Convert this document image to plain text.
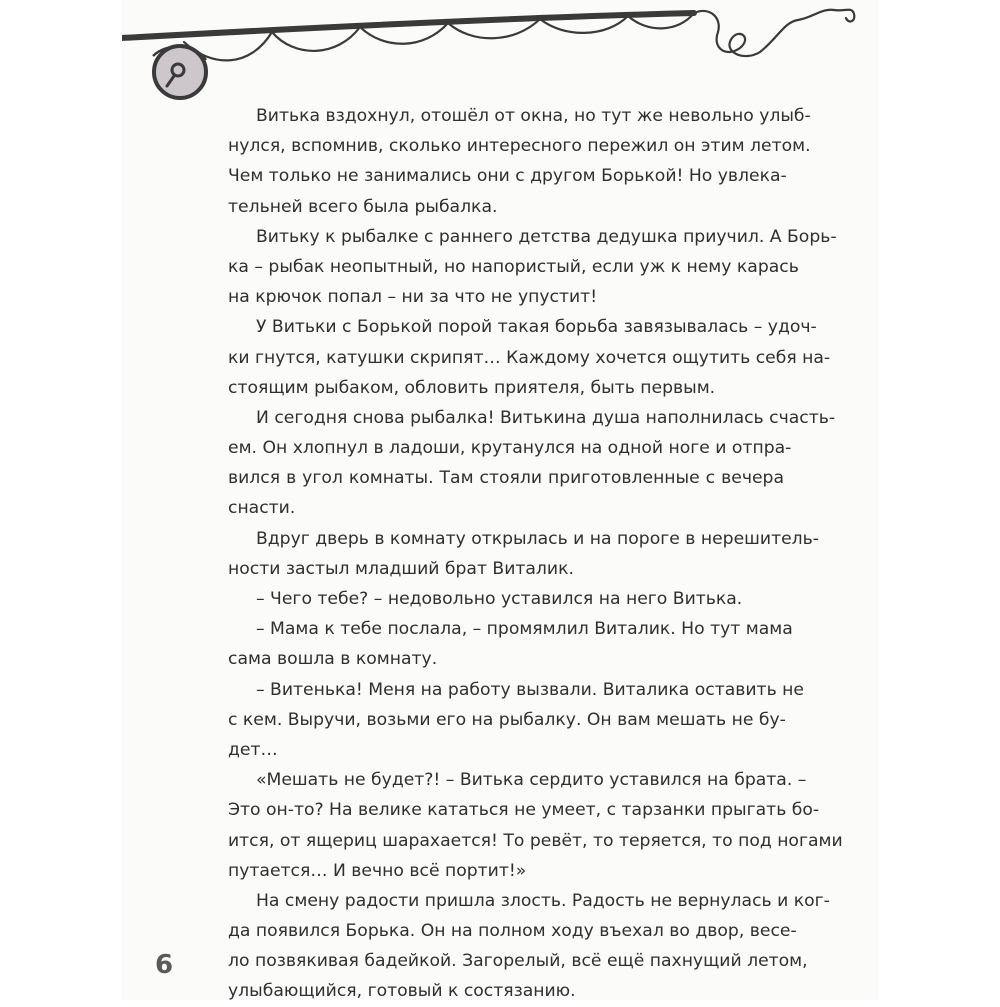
Витька вздохнул, отошёл от окна, но тут же невольно улыб-
нулся, вспомнив, сколько интересного пережил он этим летом.
Чем только не занимались они с другом Борькой! Но увлека-
тельней всего была рыбалка.
Витьку к рыбалке с раннего детства дедушка приучил. А Борь-
ка – рыбак неопытный, но напористый, если уж к нему карась
на крючок попал – ни за что не упустит!
У Витьки с Борькой порой такая борьба завязывалась – удоч-
ки гнутся, катушки скрипят… Каждому хочется ощутить себя на-
стоящим рыбаком, обловить приятеля, быть первым.
И сегодня снова рыбалка! Витькина душа наполнилась счасть-
ем. Он хлопнул в ладоши, крутанулся на одной ноге и отпра-
вился в угол комнаты. Там стояли приготовленные с вечера
снасти.
Вдруг дверь в комнату открылась и на пороге в нерешитель-
ности застыл младший брат Виталик.
– Чего тебе? – недовольно уставился на него Витька.
– Мама к тебе послала, – промямлил Виталик. Но тут мама
сама вошла в комнату.
– Витенька! Меня на работу вызвали. Виталика оставить не
с кем. Выручи, возьми его на рыбалку. Он вам мешать не бу-
дет…
«Мешать не будет?! – Витька сердито уставился на брата. –
Это он-то? На велике кататься не умеет, с тарзанки прыгать бо-
ится, от ящериц шарахается! То ревёт, то теряется, то под ногами
путается… И вечно всё портит!»
На смену радости пришла злость. Радость не вернулась и ког-
да появился Борька. Он на полном ходу въехал во двор, весе-
ло позвякивая бадейкой. Загорелый, всё ещё пахнущий летом,
улыбающийся, готовый к состязанию.
6
